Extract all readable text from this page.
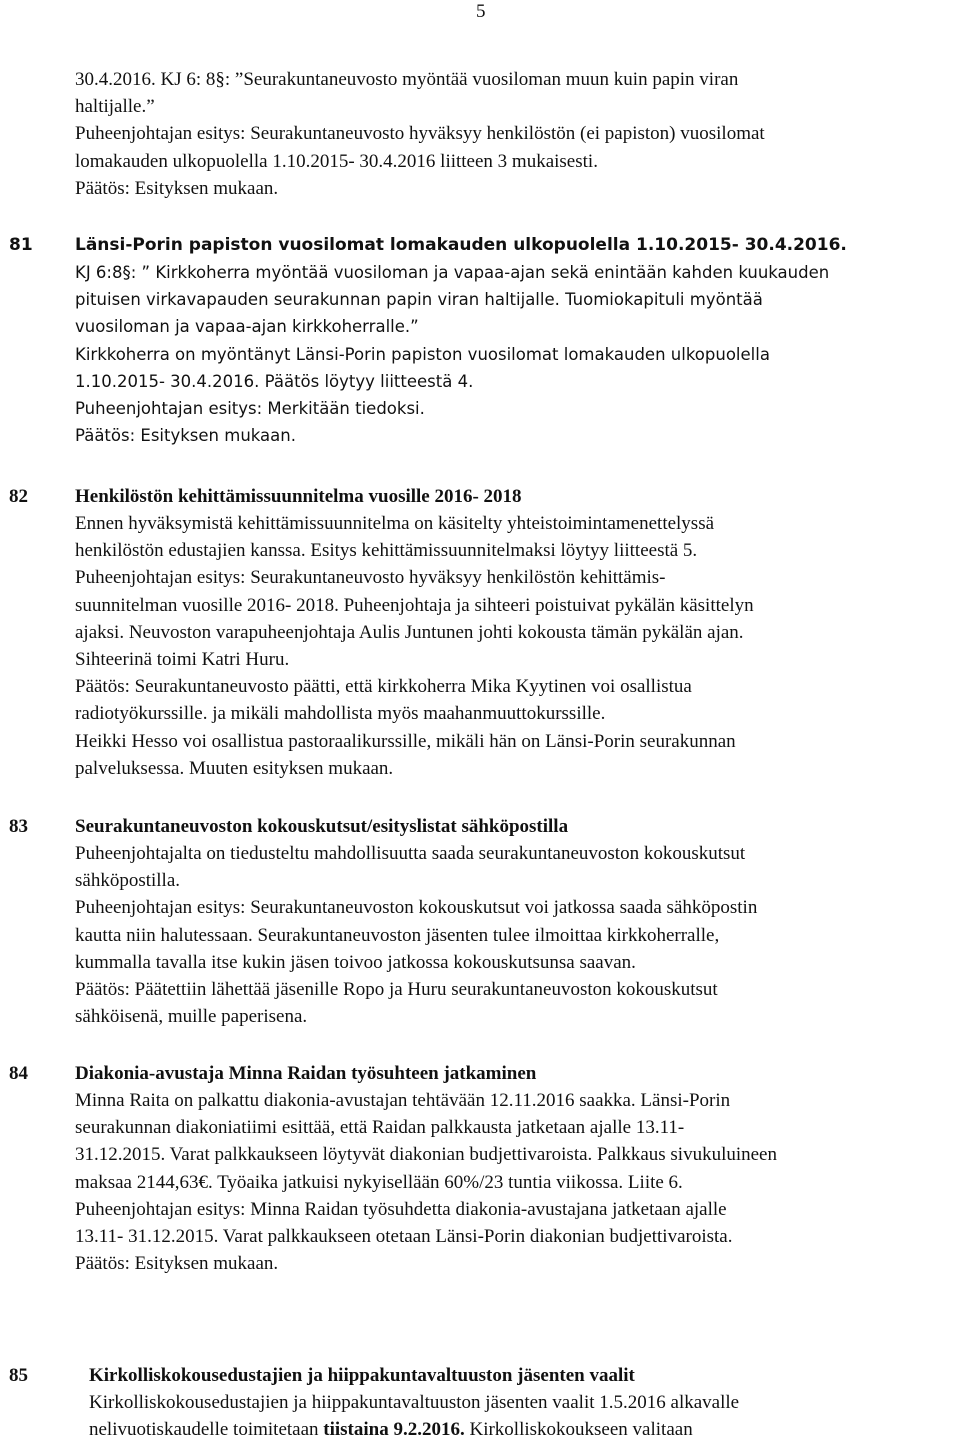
5
30.4.2016. KJ 6: 8§: ”Seurakuntaneuvosto myöntää vuosiloman muun kuin papin viran
haltijalle.”
Puheenjohtajan esitys: Seurakuntaneuvosto hyväksyy henkilöstön (ei papiston) vuosilomat
lomakauden ulkopuolella 1.10.2015- 30.4.2016 liitteen 3 mukaisesti.
Päätös: Esityksen mukaan.
81 Länsi-Porin papiston vuosilomat lomakauden ulkopuolella 1.10.2015- 30.4.2016.
KJ 6:8§: ” Kirkkoherra myöntää vuosiloman ja vapaa-ajan sekä enintään kahden kuukauden
pituisen virkavapauden seurakunnan papin viran haltijalle. Tuomiokapituli myöntää
vuosiloman ja vapaa-ajan kirkkoherralle.”
Kirkkoherra on myöntänyt Länsi-Porin papiston vuosilomat lomakauden ulkopuolella
1.10.2015- 30.4.2016. Päätös löytyy liitteestä 4.
Puheenjohtajan esitys: Merkitään tiedoksi.
Päätös: Esityksen mukaan.
82 Henkilöstön kehittämissuunnitelma vuosille 2016- 2018
Ennen hyväksymistä kehittämissuunnitelma on käsitelty yhteistoimintamenettelyssä
henkilöstön edustajien kanssa. Esitys kehittämissuunnitelmaksi löytyy liitteestä 5.
Puheenjohtajan esitys: Seurakuntaneuvosto hyväksyy henkilöstön kehittämis-
suunnitelman vuosille 2016- 2018. Puheenjohtaja ja sihteeri poistuivat pykälän käsittelyn
ajaksi. Neuvoston varapuheenjohtaja Aulis Juntunen johti kokousta tämän pykälän ajan.
Sihteerinä toimi Katri Huru.
Päätös: Seurakuntaneuvosto päätti, että kirkkoherra Mika Kyytinen voi osallistua
radiotyökurssille. ja mikäli mahdollista myös maahanmuuttokurssille.
Heikki Hesso voi osallistua pastoraalikurssille, mikäli hän on Länsi-Porin seurakunnan
palveluksessa. Muuten esityksen mukaan.
83 Seurakuntaneuvoston kokouskutsut/esityslistat sähköpostilla
Puheenjohtajalta on tiedusteltu mahdollisuutta saada seurakuntaneuvoston kokouskutsut
sähköpostilla.
Puheenjohtajan esitys: Seurakuntaneuvoston kokouskutsut voi jatkossa saada sähköpostin
kautta niin halutessaan. Seurakuntaneuvoston jäsenten tulee ilmoittaa kirkkoherralle,
kummalla tavalla itse kukin jäsen toivoo jatkossa kokouskutsunsa saavan.
Päätös: Päätettiin lähettää jäsenille Ropo ja Huru seurakuntaneuvoston kokouskutsut
sähköisenä, muille paperisena.
84 Diakonia-avustaja Minna Raidan työsuhteen jatkaminen
Minna Raita on palkattu diakonia-avustajan tehtävään 12.11.2016 saakka. Länsi-Porin
seurakunnan diakoniatiimi esittää, että Raidan palkkausta jatketaan ajalle 13.11-
31.12.2015. Varat palkkaukseen löytyvät diakonian budjettivaroista. Palkkaus sivukuluineen
maksaa 2144,63€. Työaika jatkuisi nykyisellään 60%/23 tuntia viikossa. Liite 6.
Puheenjohtajan esitys: Minna Raidan työsuhdetta diakonia-avustajana jatketaan ajalle
13.11- 31.12.2015. Varat palkkaukseen otetaan Länsi-Porin diakonian budjettivaroista.
Päätös: Esityksen mukaan.
85	Kirkolliskokousedustajien ja hiippakuntavaltuuston jäsenten vaalit
Kirkolliskokousedustajien ja hiippakuntavaltuuston jäsenten vaalit 1.5.2016 alkavalle
nelivuotiskaudelle toimitetaan tiistaina 9.2.2016. Kirkolliskokoukseen valitaan
